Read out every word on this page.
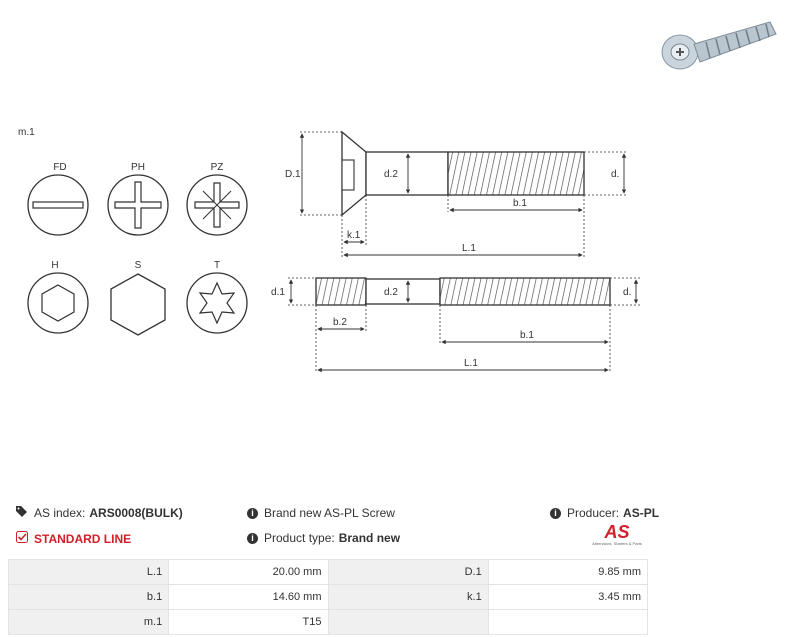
m.1
FD	PH	PZ
H	S	T
D.1	d.2	d.
b.1
k.1
L.1
d.1	d.2	d.
b.2
b.1
L.1
AS index: ARS0008(BULK)
STANDARD LINE
i Brand new AS-PL Screw
i Product type: Brand new
i Producer: AS-PL
AS
Alternators, Starters & Parts
L.1	20.00 mm	D.1	9.85 mm
b.1	14.60 mm	k.1	3.45 mm
m.1	T15		
